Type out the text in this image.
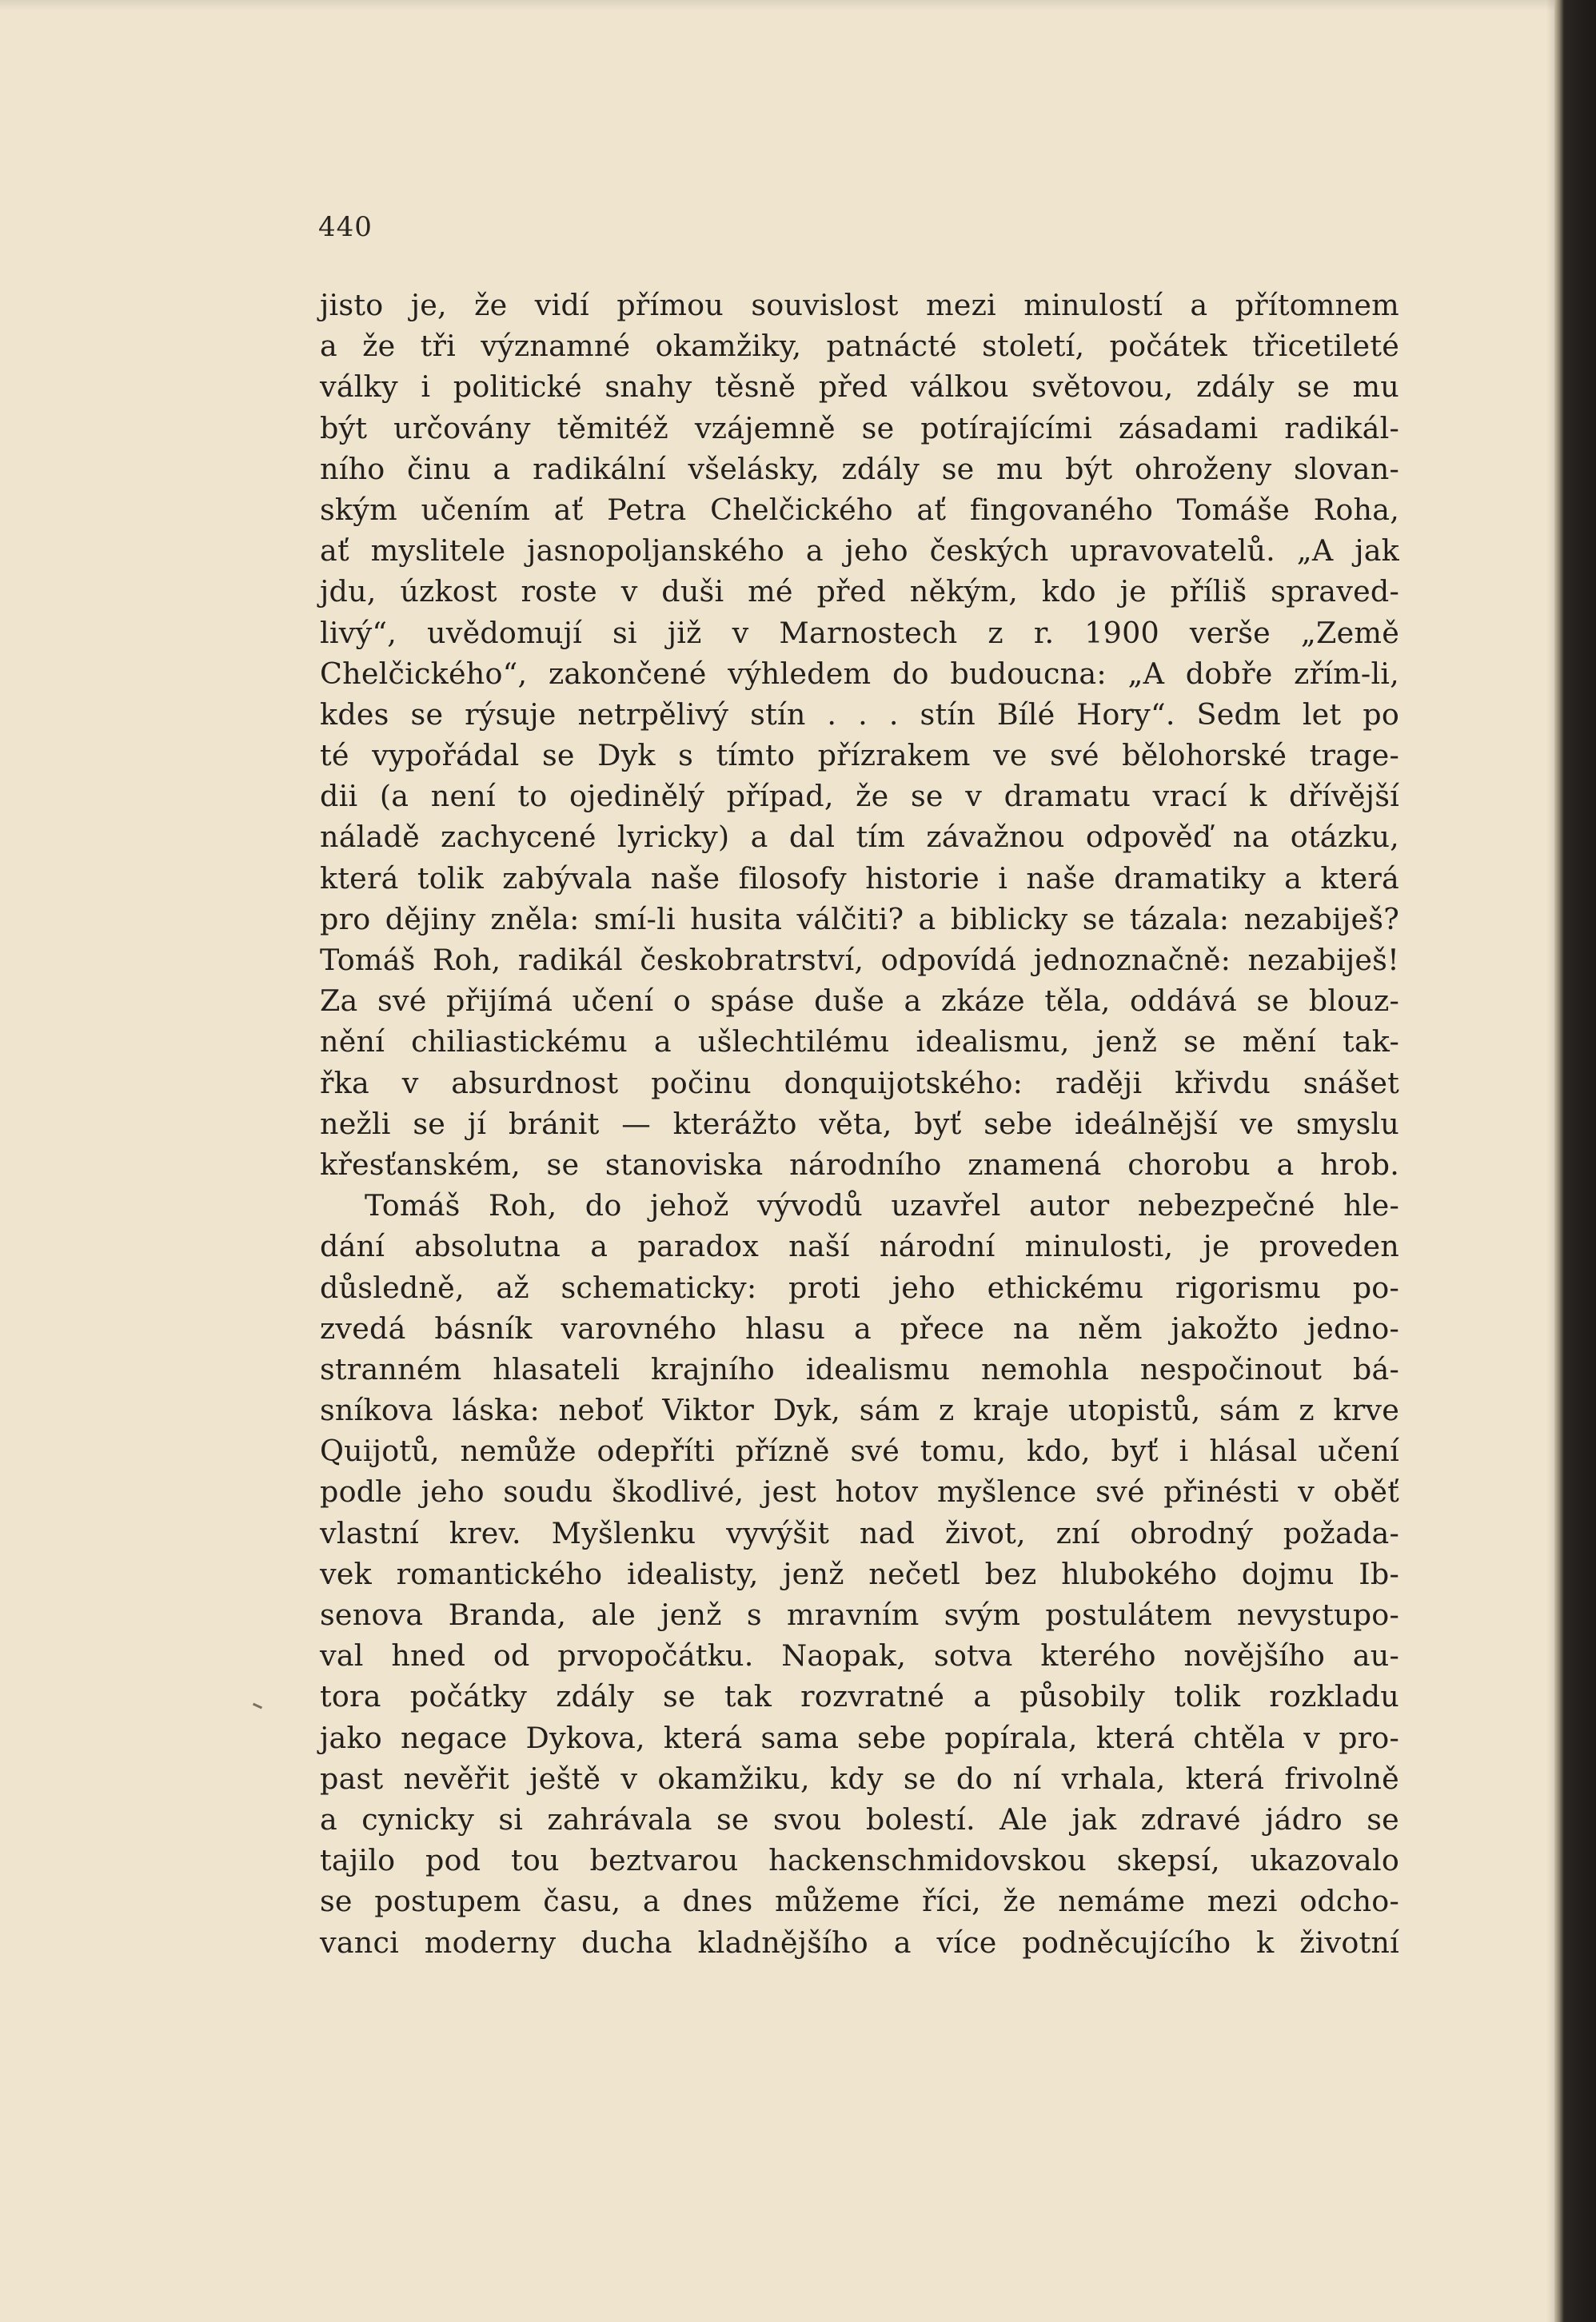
440
jisto je, že vidí přímou souvislost mezi minulostí a přítomnem
a že tři významné okamžiky, patnácté století, počátek třicetileté
války i politické snahy těsně před válkou světovou, zdály se mu
být určovány těmitéž vzájemně se potírajícími zásadami radikál-
ního činu a radikální všelásky, zdály se mu být ohroženy slovan-
ským učením ať Petra Chelčického ať fingovaného Tomáše Roha,
ať myslitele jasnopoljanského a jeho českých upravovatelů. „A jak
jdu, úzkost roste v duši mé před někým, kdo je příliš spraved-
livý“, uvědomují si již v Marnostech z r. 1900 verše „Země
Chelčického“, zakončené výhledem do budoucna: „A dobře zřím-li,
kdes se rýsuje netrpělivý stín . . . stín Bílé Hory“. Sedm let po
té vypořádal se Dyk s tímto přízrakem ve své bělohorské trage-
dii (a není to ojedinělý případ, že se v dramatu vrací k dřívější
náladě zachycené lyricky) a dal tím závažnou odpověď na otázku,
která tolik zabývala naše filosofy historie i naše dramatiky a která
pro dějiny zněla: smí-li husita válčiti? a biblicky se tázala: nezabiješ?
Tomáš Roh, radikál českobratrství, odpovídá jednoznačně: nezabiješ!
Za své přijímá učení o spáse duše a zkáze těla, oddává se blouz-
nění chiliastickému a ušlechtilému idealismu, jenž se mění tak-
řka v absurdnost počinu donquijotského: raději křivdu snášet
nežli se jí bránit — kterážto věta, byť sebe ideálnější ve smyslu
křesťanském, se stanoviska národního znamená chorobu a hrob.
Tomáš Roh, do jehož vývodů uzavřel autor nebezpečné hle-
dání absolutna a paradox naší národní minulosti, je proveden
důsledně, až schematicky: proti jeho ethickému rigorismu po-
zvedá básník varovného hlasu a přece na něm jakožto jedno-
stranném hlasateli krajního idealismu nemohla nespočinout bá-
sníkova láska: neboť Viktor Dyk, sám z kraje utopistů, sám z krve
Quijotů, nemůže odepříti přízně své tomu, kdo, byť i hlásal učení
podle jeho soudu škodlivé, jest hotov myšlence své přinésti v oběť
vlastní krev. Myšlenku vyvýšit nad život, zní obrodný požada-
vek romantického idealisty, jenž nečetl bez hlubokého dojmu Ib-
senova Branda, ale jenž s mravním svým postulátem nevystupo-
val hned od prvopočátku. Naopak, sotva kterého novějšího au-
tora počátky zdály se tak rozvratné a působily tolik rozkladu
jako negace Dykova, která sama sebe popírala, která chtěla v pro-
past nevěřit ještě v okamžiku, kdy se do ní vrhala, která frivolně
a cynicky si zahrávala se svou bolestí. Ale jak zdravé jádro se
tajilo pod tou beztvarou hackenschmidovskou skepsí, ukazovalo
se postupem času, a dnes můžeme říci, že nemáme mezi odcho-
vanci moderny ducha kladnějšího a více podněcujícího k životní
